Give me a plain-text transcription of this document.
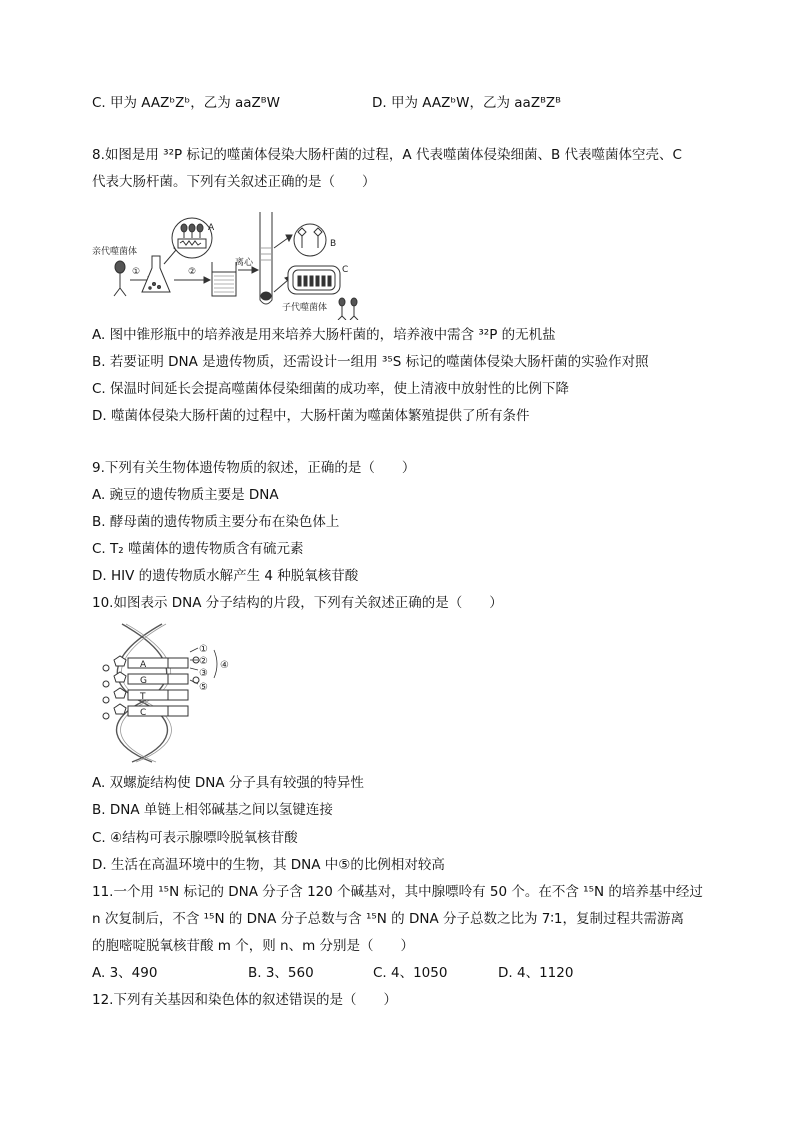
C. 甲为 AAZᵇZᵇ，乙为 aaZᴮW	D. 甲为 AAZᵇW，乙为 aaZᴮZᴮ
8.如图是用 ³²P 标记的噬菌体侵染大肠杆菌的过程，A 代表噬菌体侵染细菌、B 代表噬菌体空壳、C
代表大肠杆菌。下列有关叙述正确的是（　　）
亲代噬菌体
①	②
离心
A
B
C
子代噬菌体
A. 图中锥形瓶中的培养液是用来培养大肠杆菌的，培养液中需含 ³²P 的无机盐
B. 若要证明 DNA 是遗传物质，还需设计一组用 ³⁵S 标记的噬菌体侵染大肠杆菌的实验作对照
C. 保温时间延长会提高噬菌体侵染细菌的成功率，使上清液中放射性的比例下降
D. 噬菌体侵染大肠杆菌的过程中，大肠杆菌为噬菌体繁殖提供了所有条件
9.下列有关生物体遗传物质的叙述，正确的是（　　）
A. 豌豆的遗传物质主要是 DNA
B. 酵母菌的遗传物质主要分布在染色体上
C. T₂ 噬菌体的遗传物质含有硫元素
D. HIV 的遗传物质水解产生 4 种脱氧核苷酸
10.如图表示 DNA 分子结构的片段，下列有关叙述正确的是（　　）
A
G
T
C
①
②
③
④
⑤
A. 双螺旋结构使 DNA 分子具有较强的特异性
B. DNA 单链上相邻碱基之间以氢键连接
C. ④结构可表示腺嘌呤脱氧核苷酸
D. 生活在高温环境中的生物，其 DNA 中⑤的比例相对较高
11.一个用 ¹⁵N 标记的 DNA 分子含 120 个碱基对，其中腺嘌呤有 50 个。在不含 ¹⁵N 的培养基中经过
n 次复制后，不含 ¹⁵N 的 DNA 分子总数与含 ¹⁵N 的 DNA 分子总数之比为 7∶1，复制过程共需游离
的胞嘧啶脱氧核苷酸 m 个，则 n、m 分别是（　　）
A. 3、490	B. 3、560	C. 4、1050	D. 4、1120
12.下列有关基因和染色体的叙述错误的是（　　）
